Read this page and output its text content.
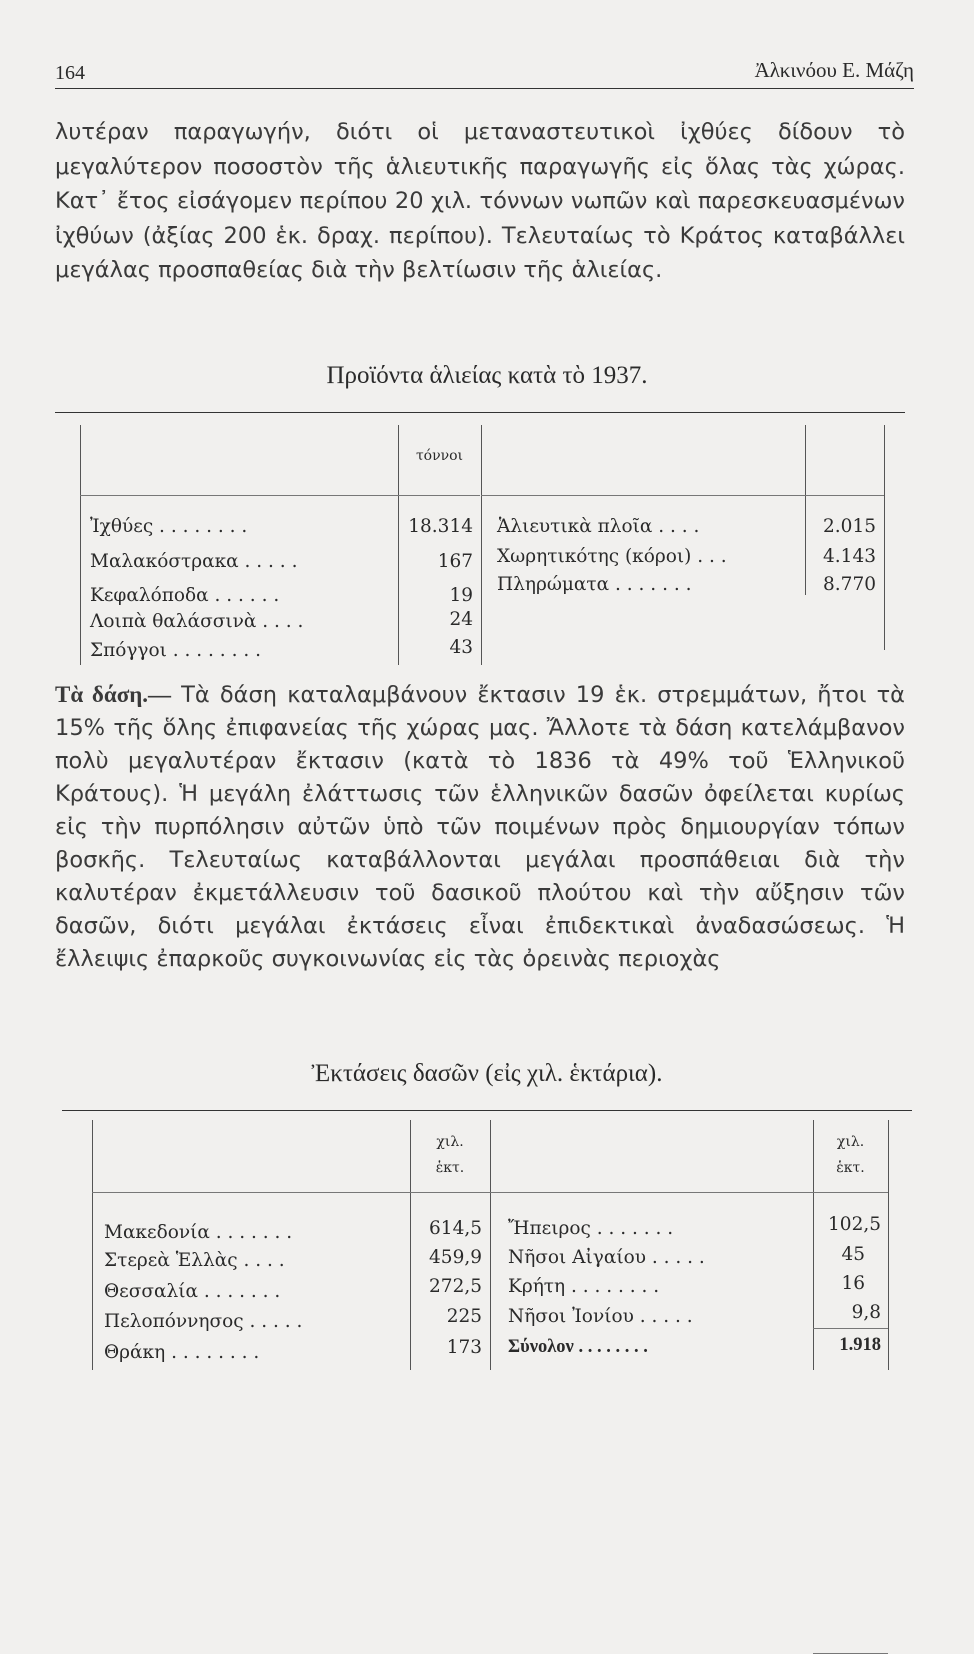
164	Ἀλκινόου Ε. Μάζη
λυτέραν παραγωγήν, διότι οἱ μεταναστευτικοὶ ἰχθύες δίδουν τὸ μεγαλύτερον ποσοστὸν τῆς ἁλιευτικῆς παραγωγῆς εἰς ὅλας τὰς χώρας. Κατ᾿ ἔτος εἰσάγομεν περίπου 20 χιλ. τόννων νωπῶν καὶ παρεσκευασμένων ἰχθύων (ἀξίας 200 ἑκ. δραχ. περίπου). Τελευταίως τὸ Κράτος καταβάλλει μεγάλας προσπαθείας διὰ τὴν βελτίωσιν τῆς ἁλιείας.
Προϊόντα ἁλιείας κατὰ τὸ 1937.
τόννοι
Ἰχθύες . . . . . . . .	18.314
Μαλακόστρακα . . . . .	167
Κεφαλόποδα . . . . . .	19
Λοιπὰ θαλάσσινὰ . . . .	24
Σπόγγοι . . . . . . . .	43
Ἁλιευτικὰ πλοῖα . . . .	2.015
Χωρητικότης (κόροι) . . .	4.143
Πληρώματα . . . . . . .	8.770
Τὰ δάση.— Τὰ δάση καταλαμβάνουν ἔκτασιν 19 ἑκ. στρεμμάτων, ἤτοι τὰ 15% τῆς ὅλης ἐπιφανείας τῆς χώρας μας. Ἄλλοτε τὰ δάση κατελάμβανον πολὺ μεγαλυτέραν ἔκτασιν (κατὰ τὸ 1836 τὰ 49% τοῦ Ἑλληνικοῦ Κράτους). Ἡ μεγάλη ἐλάττωσις τῶν ἑλληνικῶν δασῶν ὀφείλεται κυρίως εἰς τὴν πυρπόλησιν αὐτῶν ὑπὸ τῶν ποιμένων πρὸς δημιουργίαν τόπων βοσκῆς. Τελευταίως καταβάλλονται μεγάλαι προσπάθειαι διὰ τὴν καλυτέραν ἐκμετάλλευσιν τοῦ δασικοῦ πλούτου καὶ τὴν αὔξησιν τῶν δασῶν, διότι μεγάλαι ἐκτάσεις εἶναι ἐπιδεκτικαὶ ἀναδασώσεως. Ἡ ἔλλειψις ἐπαρκοῦς συγκοινωνίας εἰς τὰς ὀρεινὰς περιοχὰς
Ἐκτάσεις δασῶν (εἰς χιλ. ἑκτάρια).
χιλ.
ἑκτ.
χιλ.
ἑκτ.
Μακεδονία . . . . . . .	614,5
Στερεὰ Ἑλλὰς . . . .	459,9
Θεσσαλία . . . . . . .	272,5
Πελοπόννησος . . . . .	225
Θράκη . . . . . . . .	173
Ἤπειρος . . . . . . .	102,5
Νῆσοι Αἰγαίου . . . . .	45
Κρήτη . . . . . . . .	16
Νῆσοι Ἰονίου . . . . .	9,8
Σύνολον . . . . . . . .	1.918
